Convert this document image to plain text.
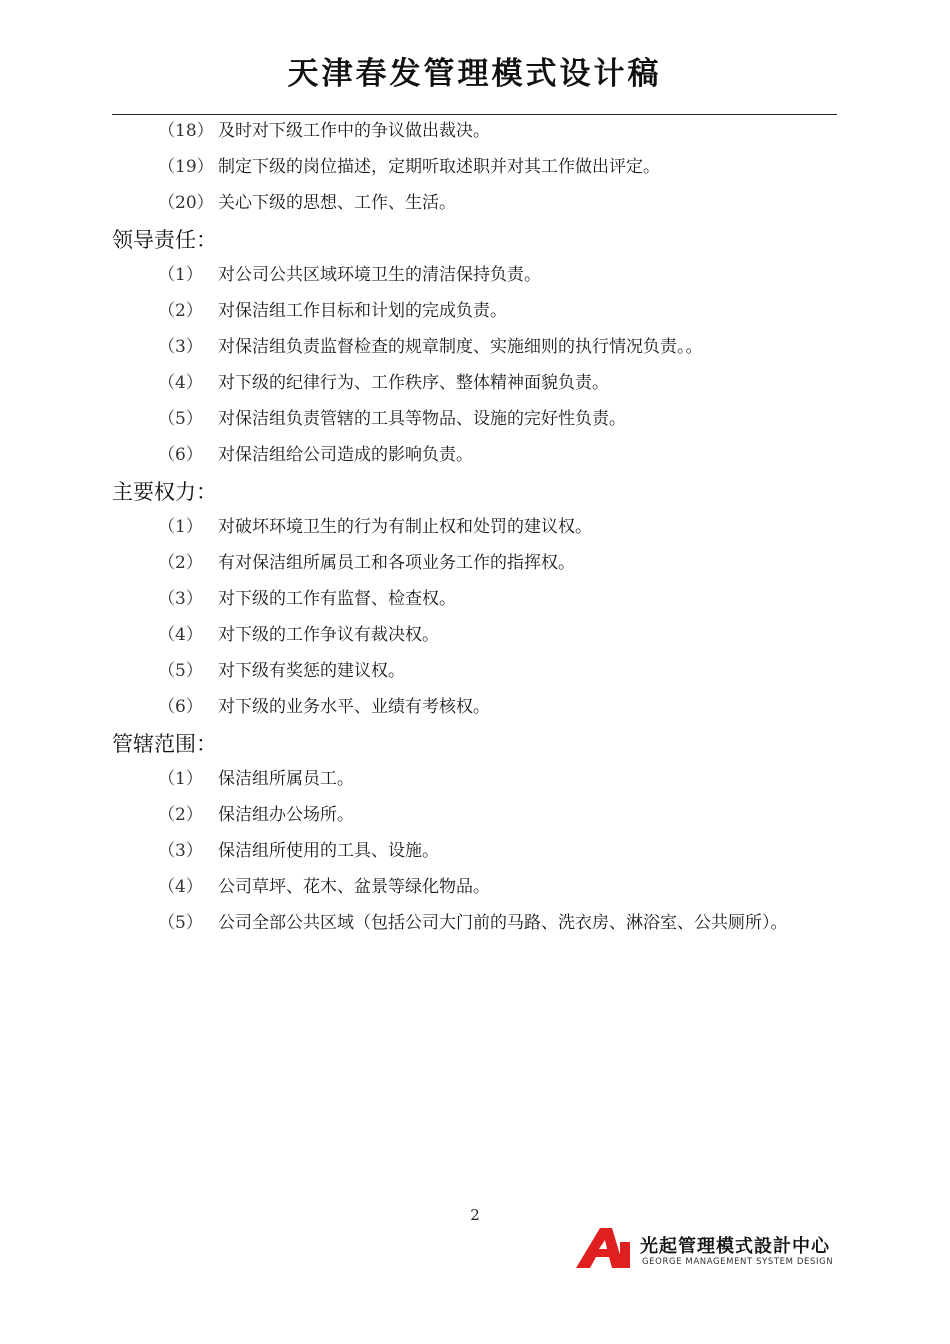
天津春发管理模式设计稿
（18） 及时对下级工作中的争议做出裁决。
（19） 制定下级的岗位描述，定期听取述职并对其工作做出评定。
（20） 关心下级的思想、工作、生活。
领导责任：
（1） 对公司公共区域环境卫生的清洁保持负责。
（2） 对保洁组工作目标和计划的完成负责。
（3） 对保洁组负责监督检查的规章制度、实施细则的执行情况负责。。
（4） 对下级的纪律行为、工作秩序、整体精神面貌负责。
（5） 对保洁组负责管辖的工具等物品、设施的完好性负责。
（6） 对保洁组给公司造成的影响负责。
主要权力：
（1） 对破坏环境卫生的行为有制止权和处罚的建议权。
（2） 有对保洁组所属员工和各项业务工作的指挥权。
（3） 对下级的工作有监督、检查权。
（4） 对下级的工作争议有裁决权。
（5） 对下级有奖惩的建议权。
（6） 对下级的业务水平、业绩有考核权。
管辖范围：
（1） 保洁组所属员工。
（2） 保洁组办公场所。
（3） 保洁组所使用的工具、设施。
（4） 公司草坪、花木、盆景等绿化物品。
（5） 公司全部公共区域（包括公司大门前的马路、洗衣房、淋浴室、公共厕所）。
2
光起管理模式設計中心
GEORGE MANAGEMENT SYSTEM DESIGN
